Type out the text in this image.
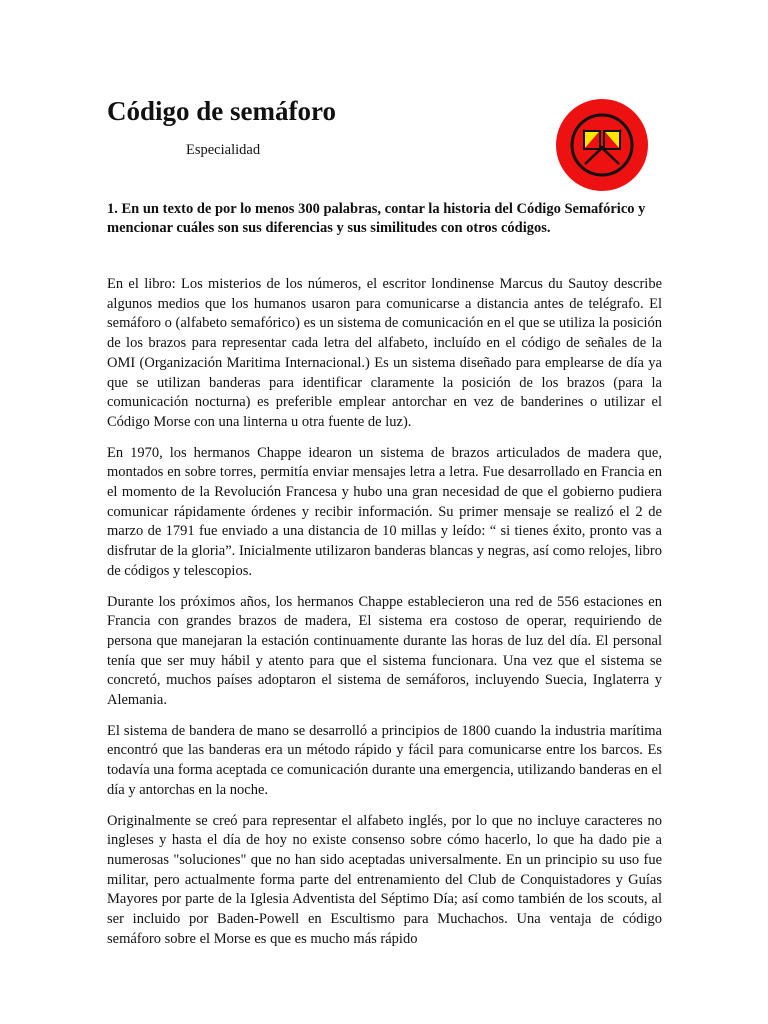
Código de semáforo
Especialidad

1. En un texto de por lo menos 300 palabras, contar la historia del Código Semafórico y mencionar cuáles son sus diferencias y sus similitudes con otros códigos.

En el libro: Los misterios de los números, el escritor londinense Marcus du Sautoy describe algunos medios que los humanos usaron para comunicarse a distancia antes de telégrafo. El semáforo o (alfabeto semafórico) es un sistema de comunicación en el que se utiliza la posición de los brazos para representar cada letra del alfabeto, incluído en el código de señales de la OMI (Organización Maritima Internacional.) Es un sistema diseñado para emplearse de día ya que se utilizan banderas para identificar claramente la posición de los brazos (para la comunicación nocturna) es preferible emplear antorchar en vez de banderines o utilizar el Código Morse con una linterna u otra fuente de luz).

En 1970, los hermanos Chappe idearon un sistema de brazos articulados de madera que, montados en sobre torres, permitía enviar mensajes letra a letra. Fue desarrollado en Francia en el momento de la Revolución Francesa y hubo una gran necesidad de que el gobierno pudiera comunicar rápidamente órdenes y recibir información. Su primer mensaje se realizó el 2 de marzo de 1791 fue enviado a una distancia de 10 millas y leído: “ si tienes éxito, pronto vas a disfrutar de la gloria”. Inicialmente utilizaron banderas blancas y negras, así como relojes, libro de códigos y telescopios.

Durante los próximos años, los hermanos Chappe establecieron una red de 556 estaciones en Francia con grandes brazos de madera, El sistema era costoso de operar, requiriendo de persona que manejaran la estación continuamente durante las horas de luz del día. El personal tenía que ser muy hábil y atento para que el sistema funcionara. Una vez que el sistema se concretó, muchos países adoptaron el sistema de semáforos, incluyendo Suecia, Inglaterra y Alemania.

El sistema de bandera de mano se desarrolló a principios de 1800 cuando la industria marítima encontró que las banderas era un método rápido y fácil para comunicarse entre los barcos. Es todavía una forma aceptada ce comunicación durante una emergencia, utilizando banderas en el día y antorchas en la noche.

Originalmente se creó para representar el alfabeto inglés, por lo que no incluye caracteres no ingleses y hasta el día de hoy no existe consenso sobre cómo hacerlo, lo que ha dado pie a numerosas "soluciones" que no han sido aceptadas universalmente. En un principio su uso fue militar, pero actualmente forma parte del entrenamiento del Club de Conquistadores y Guías Mayores por parte de la Iglesia Adventista del Séptimo Día; así como también de los scouts, al ser incluido por Baden-Powell en Escultismo para Muchachos. Una ventaja de código semáforo sobre el Morse es que es mucho más rápido
